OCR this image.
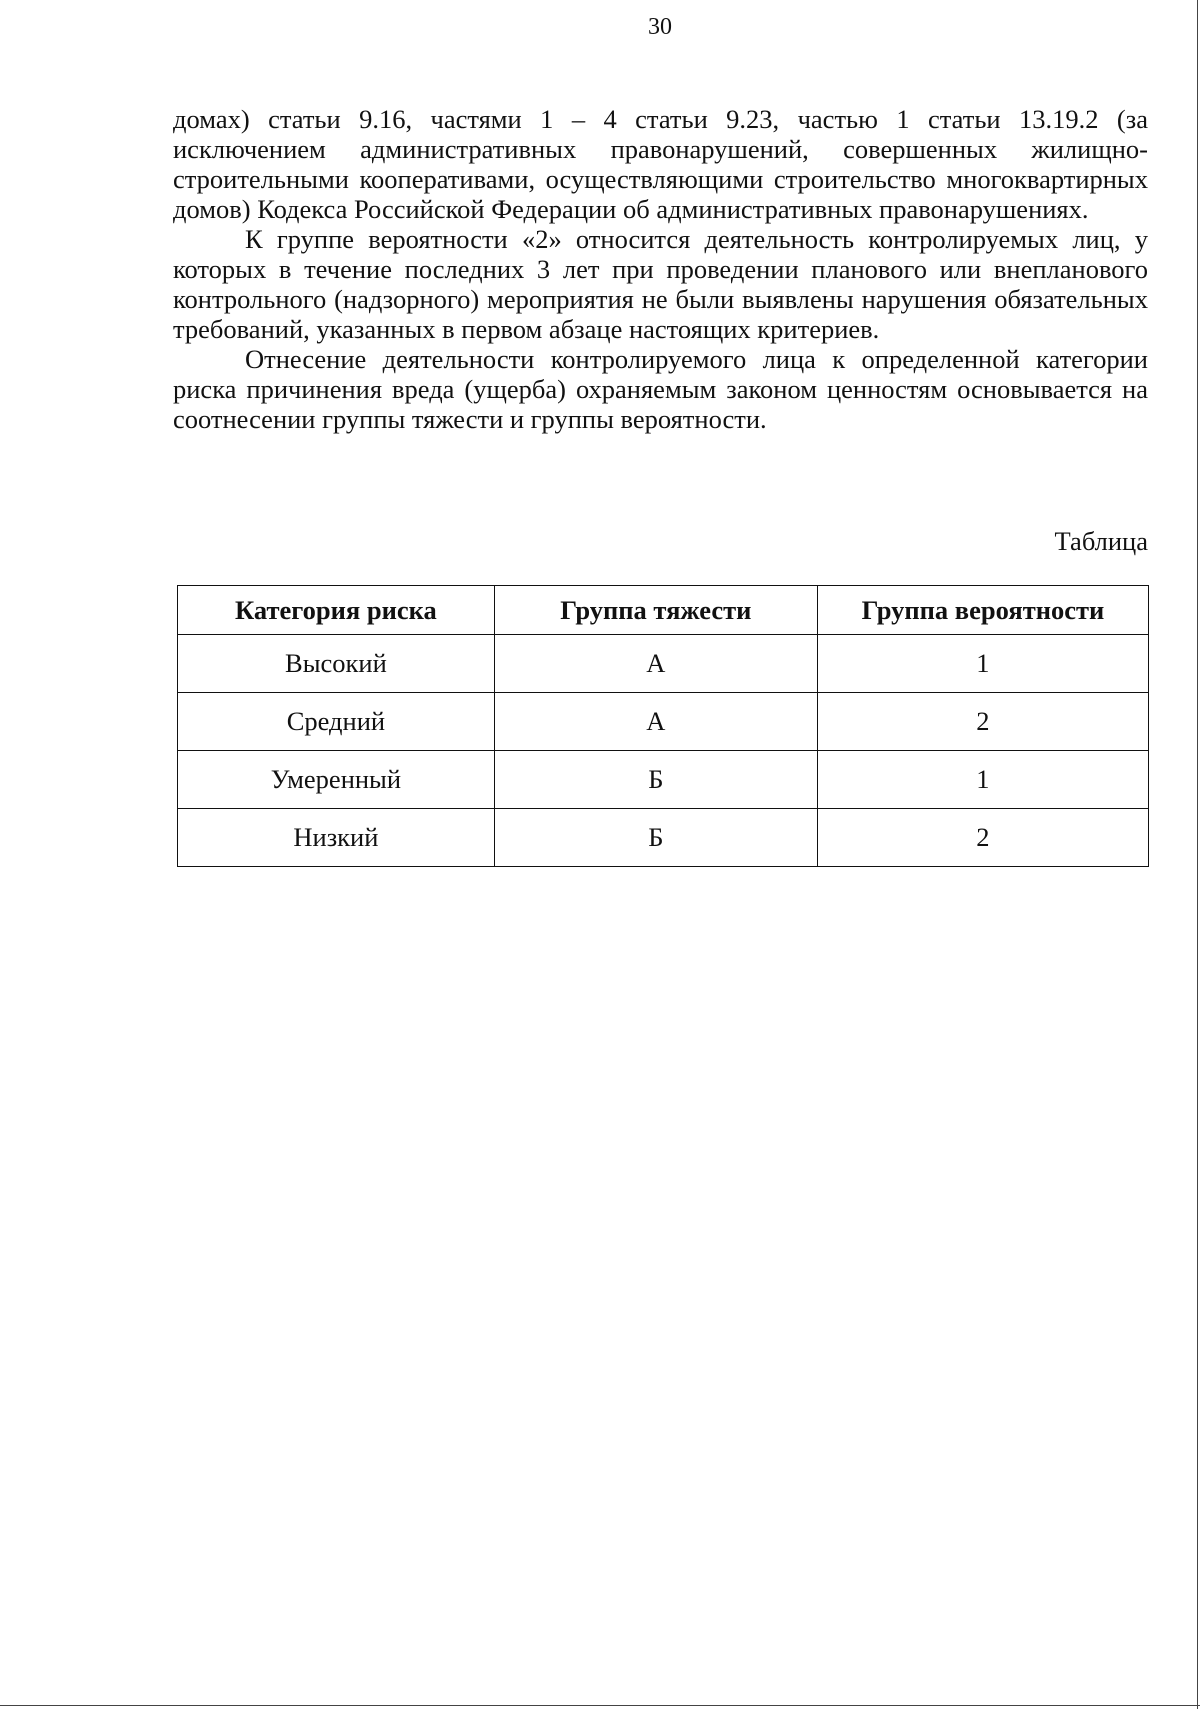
30

домах) статьи 9.16, частями 1 – 4 статьи 9.23, частью 1 статьи 13.19.2 (за исключением административных правонарушений, совершенных жилищно-строительными кооперативами, осуществляющими строительство многоквартирных домов) Кодекса Российской Федерации об административных правонарушениях.

К группе вероятности «2» относится деятельность контролируемых лиц, у которых в течение последних 3 лет при проведении планового или внепланового контрольного (надзорного) мероприятия не были выявлены нарушения обязательных требований, указанных в первом абзаце настоящих критериев.

Отнесение деятельности контролируемого лица к определенной категории риска причинения вреда (ущерба) охраняемым законом ценностям основывается на соотнесении группы тяжести и группы вероятности.

Таблица
Категория риска	Группа тяжести	Группа вероятности
Высокий	А	1
Средний	А	2
Умеренный	Б	1
Низкий	Б	2
